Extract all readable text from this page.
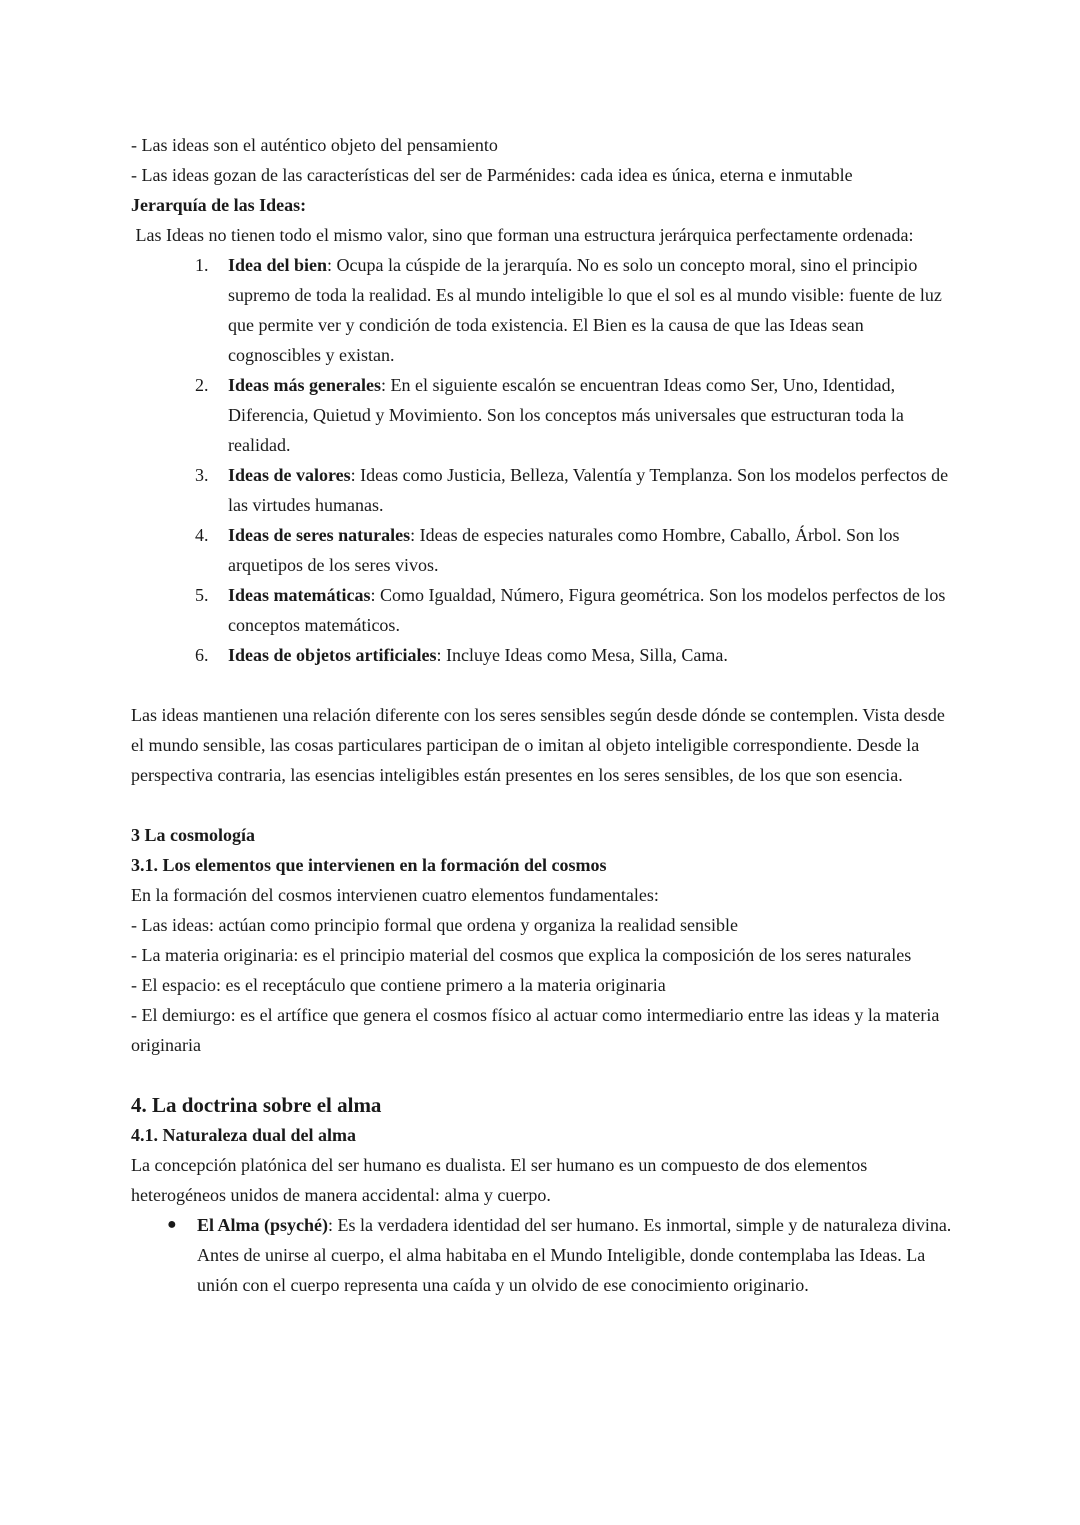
- Las ideas son el auténtico objeto del pensamiento

- Las ideas gozan de las características del ser de Parménides: cada idea es única, eterna e inmutable

Jerarquía de las Ideas:

Las Ideas no tienen todo el mismo valor, sino que forman una estructura jerárquica perfectamente ordenada:

1. Idea del bien: Ocupa la cúspide de la jerarquía. No es solo un concepto moral, sino el principio supremo de toda la realidad. Es al mundo inteligible lo que el sol es al mundo visible: fuente de luz que permite ver y condición de toda existencia. El Bien es la causa de que las Ideas sean cognoscibles y existan.
2. Ideas más generales: En el siguiente escalón se encuentran Ideas como Ser, Uno, Identidad, Diferencia, Quietud y Movimiento. Son los conceptos más universales que estructuran toda la realidad.
3. Ideas de valores: Ideas como Justicia, Belleza, Valentía y Templanza. Son los modelos perfectos de las virtudes humanas.
4. Ideas de seres naturales: Ideas de especies naturales como Hombre, Caballo, Árbol. Son los arquetipos de los seres vivos.
5. Ideas matemáticas: Como Igualdad, Número, Figura geométrica. Son los modelos perfectos de los conceptos matemáticos.
6. Ideas de objetos artificiales: Incluye Ideas como Mesa, Silla, Cama.

Las ideas mantienen una relación diferente con los seres sensibles según desde dónde se contemplen. Vista desde el mundo sensible, las cosas particulares participan de o imitan al objeto inteligible correspondiente. Desde la perspectiva contraria, las esencias inteligibles están presentes en los seres sensibles, de los que son esencia.

3 La cosmología

3.1. Los elementos que intervienen en la formación del cosmos

En la formación del cosmos intervienen cuatro elementos fundamentales:

- Las ideas: actúan como principio formal que ordena y organiza la realidad sensible

- La materia originaria: es el principio material del cosmos que explica la composición de los seres naturales

- El espacio: es el receptáculo que contiene primero a la materia originaria

- El demiurgo: es el artífice que genera el cosmos físico al actuar como intermediario entre las ideas y la materia originaria

4. La doctrina sobre el alma

4.1. Naturaleza dual del alma

La concepción platónica del ser humano es dualista. El ser humano es un compuesto de dos elementos heterogéneos unidos de manera accidental: alma y cuerpo.

● El Alma (psyché): Es la verdadera identidad del ser humano. Es inmortal, simple y de naturaleza divina. Antes de unirse al cuerpo, el alma habitaba en el Mundo Inteligible, donde contemplaba las Ideas. La unión con el cuerpo representa una caída y un olvido de ese conocimiento originario.
